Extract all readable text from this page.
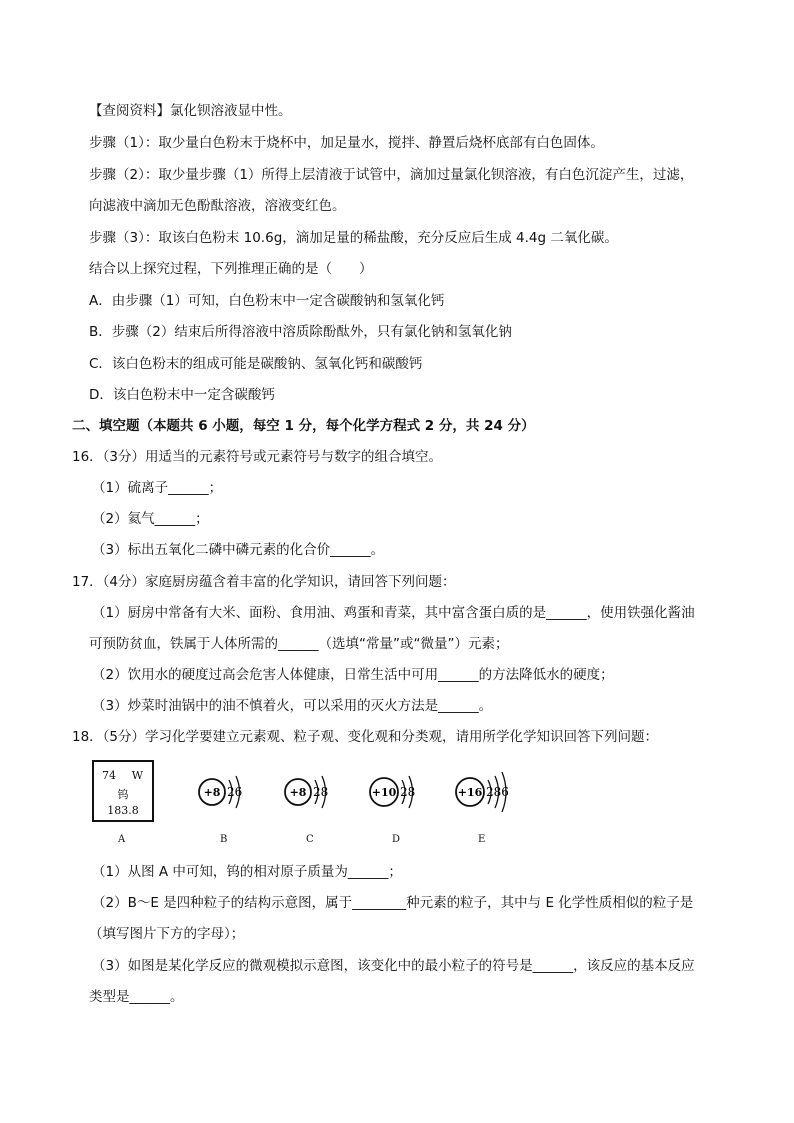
【查阅资料】氯化钡溶液显中性。
步骤（1）：取少量白色粉末于烧杯中，加足量水，搅拌、静置后烧杯底部有白色固体。
步骤（2）：取少量步骤（1）所得上层清液于试管中，滴加过量氯化钡溶液，有白色沉淀产生，过滤，
向滤液中滴加无色酚酞溶液，溶液变红色。
步骤（3）：取该白色粉末 10.6g，滴加足量的稀盐酸，充分反应后生成 4.4g 二氧化碳。
结合以上探究过程，下列推理正确的是（　　）
A．由步骤（1）可知，白色粉末中一定含碳酸钠和氢氧化钙
B．步骤（2）结束后所得溶液中溶质除酚酞外，只有氯化钠和氢氧化钠
C．该白色粉末的组成可能是碳酸钠、氢氧化钙和碳酸钙
D．该白色粉末中一定含碳酸钙
二、填空题（本题共 6 小题，每空 1 分，每个化学方程式 2 分，共 24 分）
16．（3分）用适当的元素符号或元素符号与数字的组合填空。
（1）硫离子______；
（2）氦气______；
（3）标出五氧化二磷中磷元素的化合价______。
17．（4分）家庭厨房蕴含着丰富的化学知识，请回答下列问题：
（1）厨房中常备有大米、面粉、食用油、鸡蛋和青菜，其中富含蛋白质的是______，使用铁强化酱油
可预防贫血，铁属于人体所需的______（选填“常量”或“微量”）元素；
（2）饮用水的硬度过高会危害人体健康，日常生活中可用______的方法降低水的硬度；
（3）炒菜时油锅中的油不慎着火，可以采用的灭火方法是______。
18．（5分）学习化学要建立元素观、粒子观、变化观和分类观，请用所学化学知识回答下列问题：
74 W
钨
183.8
A
+8 26	+8 28	+10 28	+16 286
B	C	D	E
（1）从图 A 中可知，钨的相对原子质量为______；
（2）B～E 是四种粒子的结构示意图，属于________种元素的粒子，其中与 E 化学性质相似的粒子是
（填写图片下方的字母）；
（3）如图是某化学反应的微观模拟示意图，该变化中的最小粒子的符号是______，该反应的基本反应
类型是______。
